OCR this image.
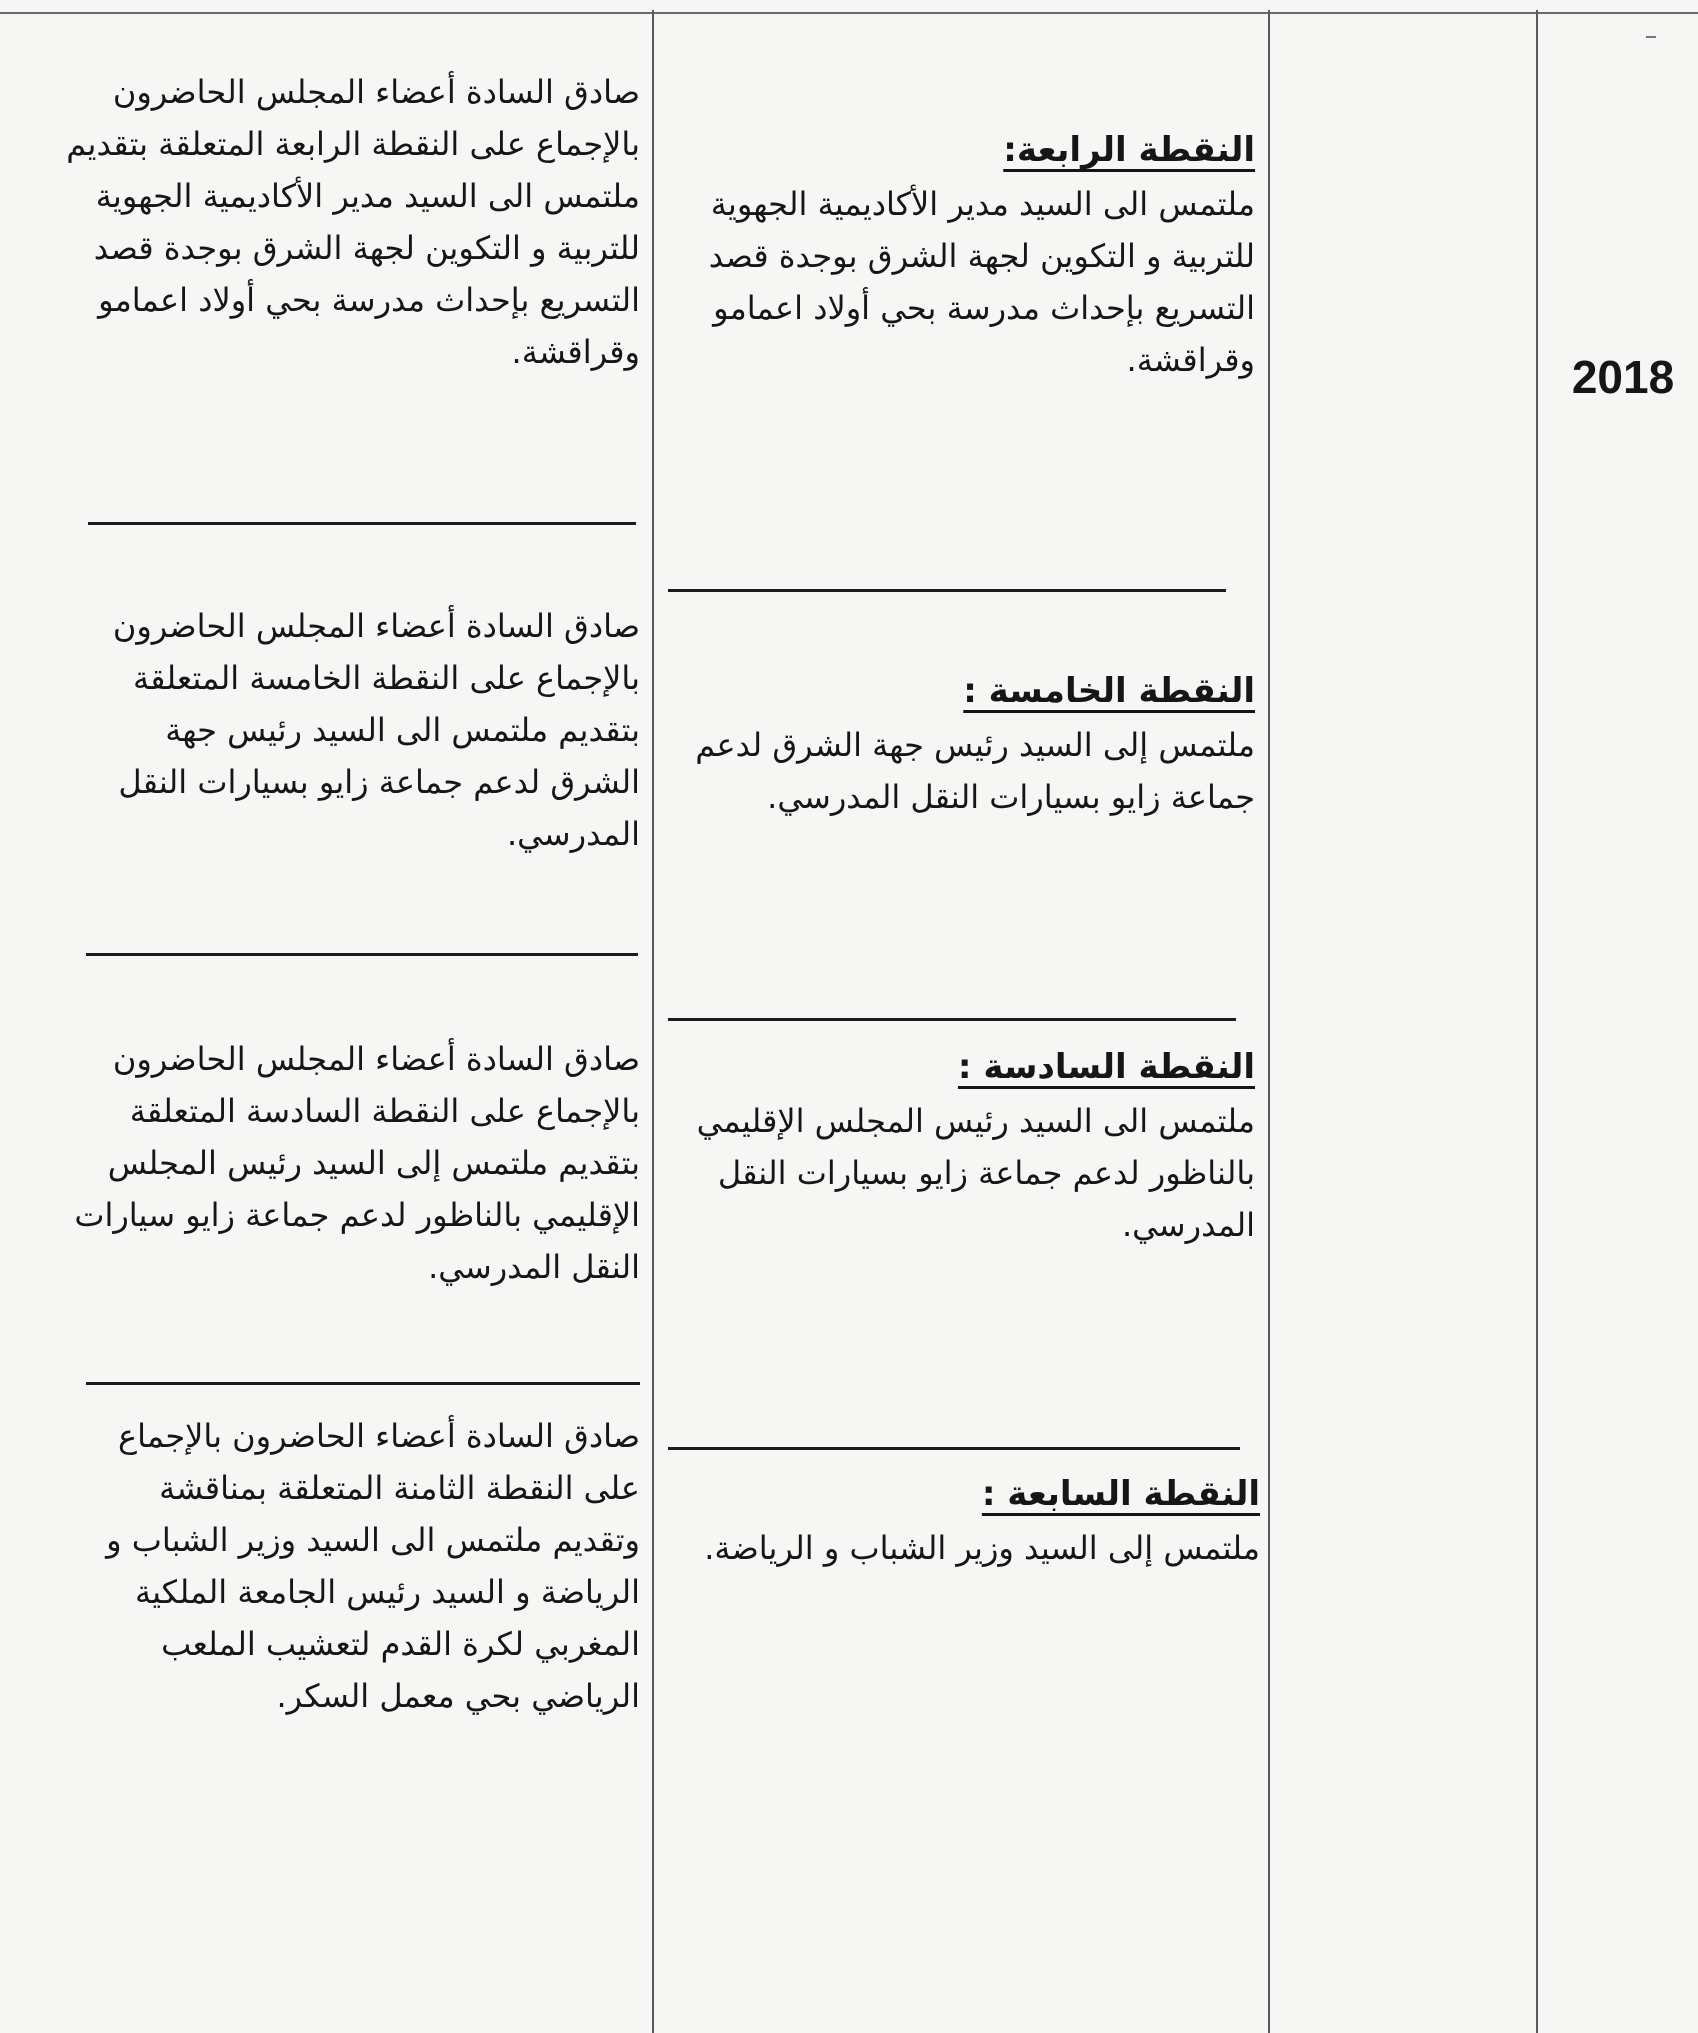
2018
النقطة الرابعة:
ملتمس الى السيد مدير الأكاديمية الجهوية للتربية و التكوين لجهة الشرق بوجدة قصد التسريع بإحداث مدرسة بحي أولاد اعمامو وقراقشة.
النقطة الخامسة :
ملتمس إلى السيد رئيس جهة الشرق لدعم جماعة زايو بسيارات النقل المدرسي.
النقطة السادسة :
ملتمس الى السيد رئيس المجلس الإقليمي بالناظور لدعم جماعة زايو بسيارات النقل المدرسي.
النقطة السابعة :
ملتمس إلى السيد وزير الشباب و الرياضة.
صادق السادة أعضاء المجلس الحاضرون بالإجماع على النقطة الرابعة المتعلقة بتقديم ملتمس الى السيد مدير الأكاديمية الجهوية للتربية و التكوين لجهة الشرق بوجدة قصد التسريع بإحداث مدرسة بحي أولاد اعمامو وقراقشة.
صادق السادة أعضاء المجلس الحاضرون بالإجماع على النقطة الخامسة المتعلقة بتقديم ملتمس الى السيد رئيس جهة الشرق لدعم جماعة زايو بسيارات النقل المدرسي.
صادق السادة أعضاء المجلس الحاضرون بالإجماع على النقطة السادسة المتعلقة بتقديم ملتمس إلى السيد رئيس المجلس الإقليمي بالناظور لدعم جماعة زايو سيارات النقل المدرسي.
صادق السادة أعضاء الحاضرون بالإجماع على النقطة الثامنة المتعلقة بمناقشة وتقديم ملتمس الى السيد وزير الشباب و الرياضة و السيد رئيس الجامعة الملكية المغربي لكرة القدم لتعشيب الملعب الرياضي بحي معمل السكر.
